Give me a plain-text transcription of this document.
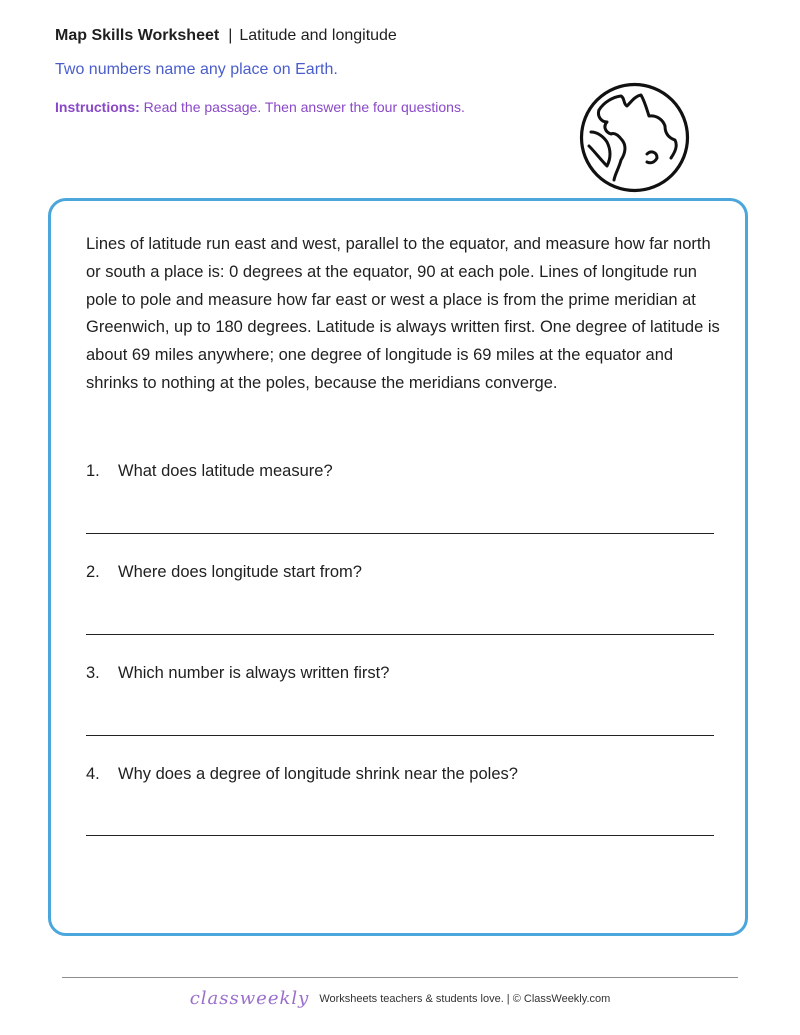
Map Skills Worksheet | Latitude and longitude
Two numbers name any place on Earth.
Instructions: Read the passage. Then answer the four questions.
Lines of latitude run east and west, parallel to the equator, and measure how far north or south a place is: 0 degrees at the equator, 90 at each pole. Lines of longitude run pole to pole and measure how far east or west a place is from the prime meridian at Greenwich, up to 180 degrees. Latitude is always written first. One degree of latitude is about 69 miles anywhere; one degree of longitude is 69 miles at the equator and shrinks to nothing at the poles, because the meridians converge.
1. What does latitude measure?
2. Where does longitude start from?
3. Which number is always written first?
4. Why does a degree of longitude shrink near the poles?
classweekly Worksheets teachers & students love. | © ClassWeekly.com
